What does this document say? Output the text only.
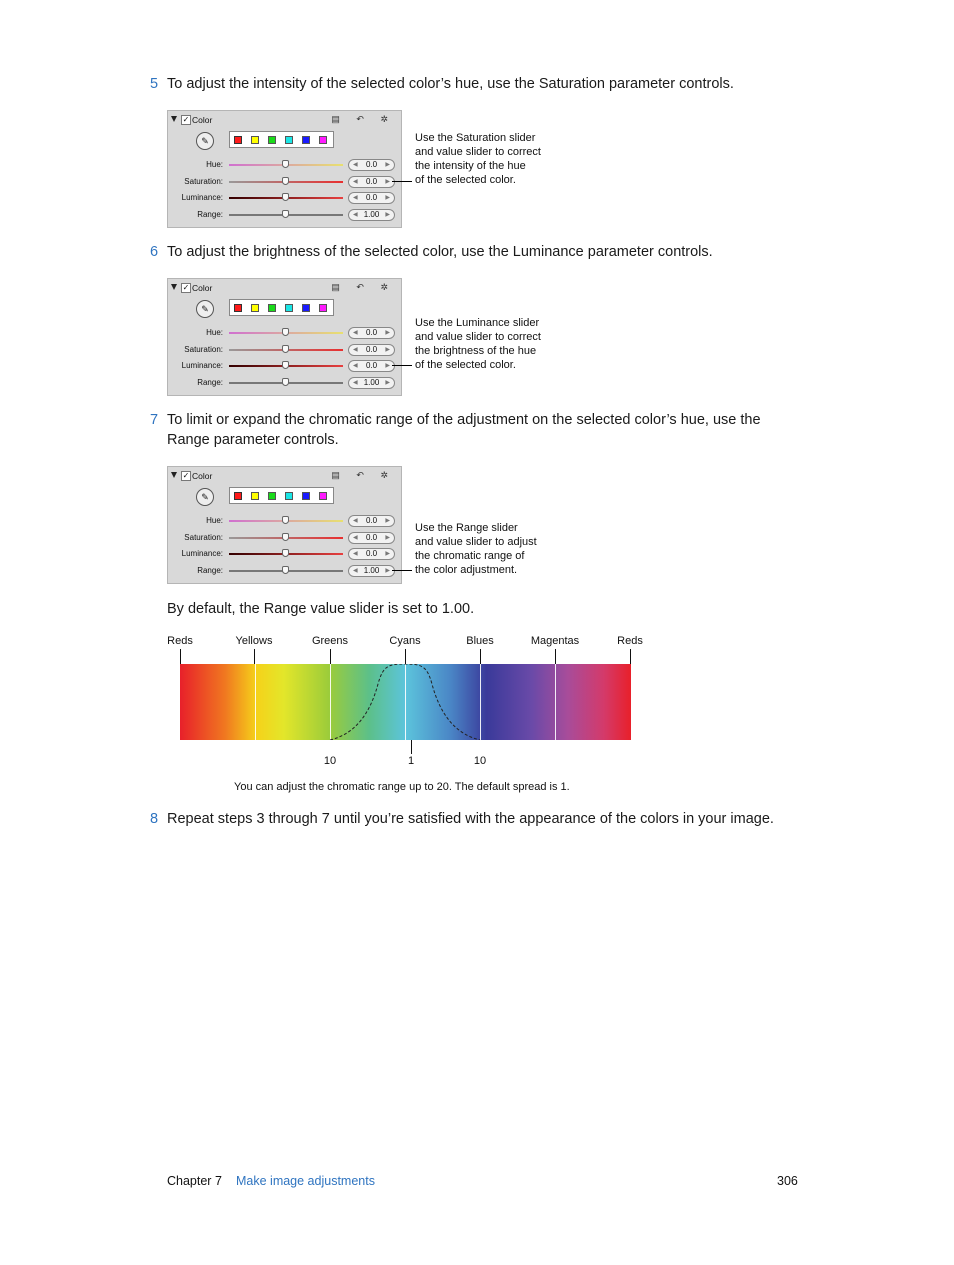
5 To adjust the intensity of the selected color’s hue, use the Saturation parameter controls.
✓ Color	▤ ↶ ✲
✎
Hue:	◀ 0.0 ▶
Saturation:	◀ 0.0 ▶
Luminance:	◀ 0.0 ▶
Range:	◀ 1.00 ▶
Use the Saturation slider
and value slider to correct
the intensity of the hue
of the selected color.
6 To adjust the brightness of the selected color, use the Luminance parameter controls.
✓ Color	▤ ↶ ✲
✎
Hue:	◀ 0.0 ▶
Saturation:	◀ 0.0 ▶
Luminance:	◀ 0.0 ▶
Range:	◀ 1.00 ▶
Use the Luminance slider
and value slider to correct
the brightness of the hue
of the selected color.
7 To limit or expand the chromatic range of the adjustment on the selected color’s hue, use the Range parameter controls.
✓ Color	▤ ↶ ✲
✎
Hue:	◀ 0.0 ▶
Saturation:	◀ 0.0 ▶
Luminance:	◀ 0.0 ▶
Range:	◀ 1.00 ▶
Use the Range slider
and value slider to adjust
the chromatic range of
the color adjustment.
By default, the Range value slider is set to 1.00.
Reds	Yellows	Greens	Cyans	Blues	Magentas	Reds
10	1	10
You can adjust the chromatic range up to 20. The default spread is 1.
8 Repeat steps 3 through 7 until you’re satisfied with the appearance of the colors in your image.
Chapter 7 Make image adjustments	306
